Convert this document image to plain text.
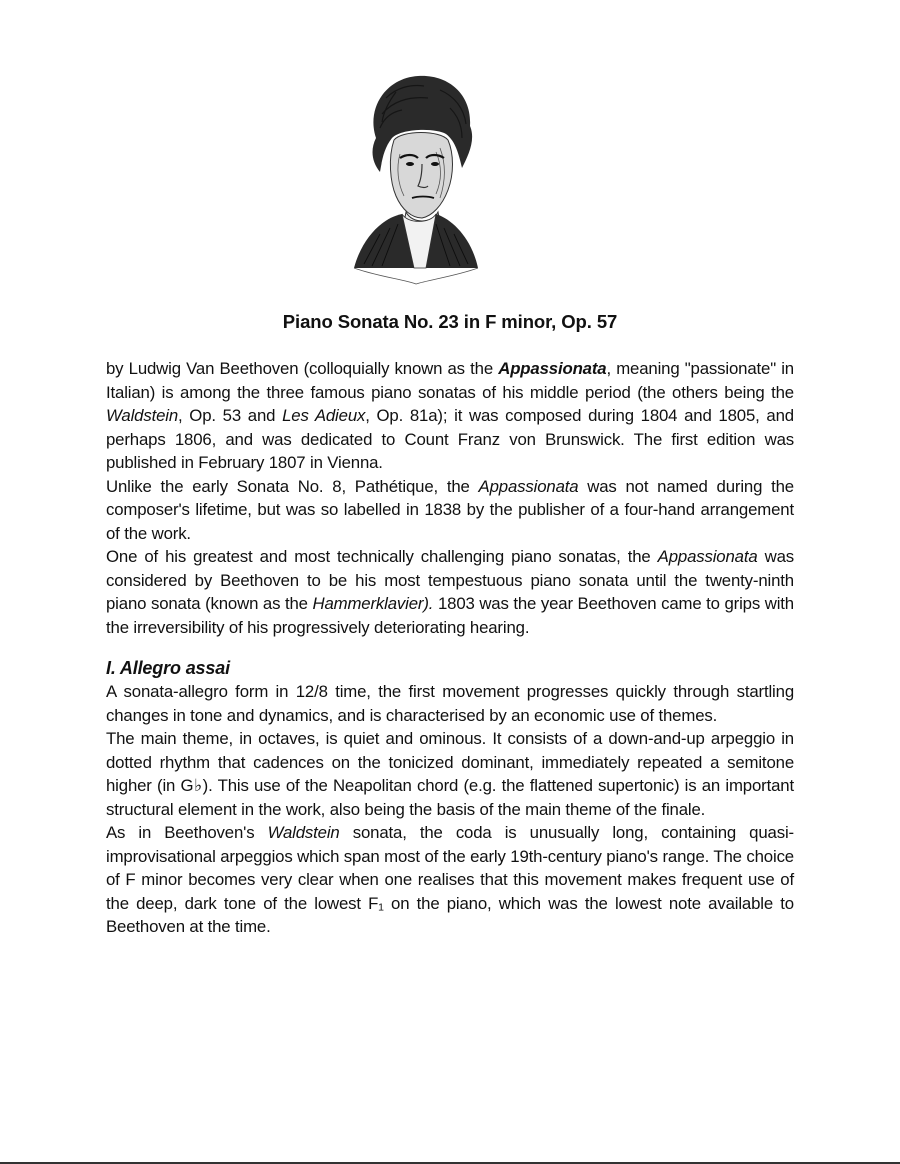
Piano Sonata No. 23 in F minor, Op. 57

by Ludwig Van Beethoven (colloquially known as the Appassionata, meaning "passionate" in Italian) is among the three famous piano sonatas of his middle period (the others being the Waldstein, Op. 53 and Les Adieux, Op. 81a); it was composed during 1804 and 1805, and perhaps 1806, and was dedicated to Count Franz von Brunswick. The first edition was published in February 1807 in Vienna.

Unlike the early Sonata No. 8, Pathétique, the Appassionata was not named during the composer's lifetime, but was so labelled in 1838 by the publisher of a four-hand arrangement of the work.

One of his greatest and most technically challenging piano sonatas, the Appassionata was considered by Beethoven to be his most tempestuous piano sonata until the twenty-ninth piano sonata (known as the Hammerklavier). 1803 was the year Beethoven came to grips with the irreversibility of his progressively deteriorating hearing.

I. Allegro assai

A sonata-allegro form in 12/8 time, the first movement progresses quickly through startling changes in tone and dynamics, and is characterised by an economic use of themes.

The main theme, in octaves, is quiet and ominous. It consists of a down-and-up arpeggio in dotted rhythm that cadences on the tonicized dominant, immediately repeated a semitone higher (in G♭). This use of the Neapolitan chord (e.g. the flattened supertonic) is an important structural element in the work, also being the basis of the main theme of the finale.

As in Beethoven's Waldstein sonata, the coda is unusually long, containing quasi-improvisational arpeggios which span most of the early 19th-century piano's range. The choice of F minor becomes very clear when one realises that this movement makes frequent use of the deep, dark tone of the lowest F₁ on the piano, which was the lowest note available to Beethoven at the time.
